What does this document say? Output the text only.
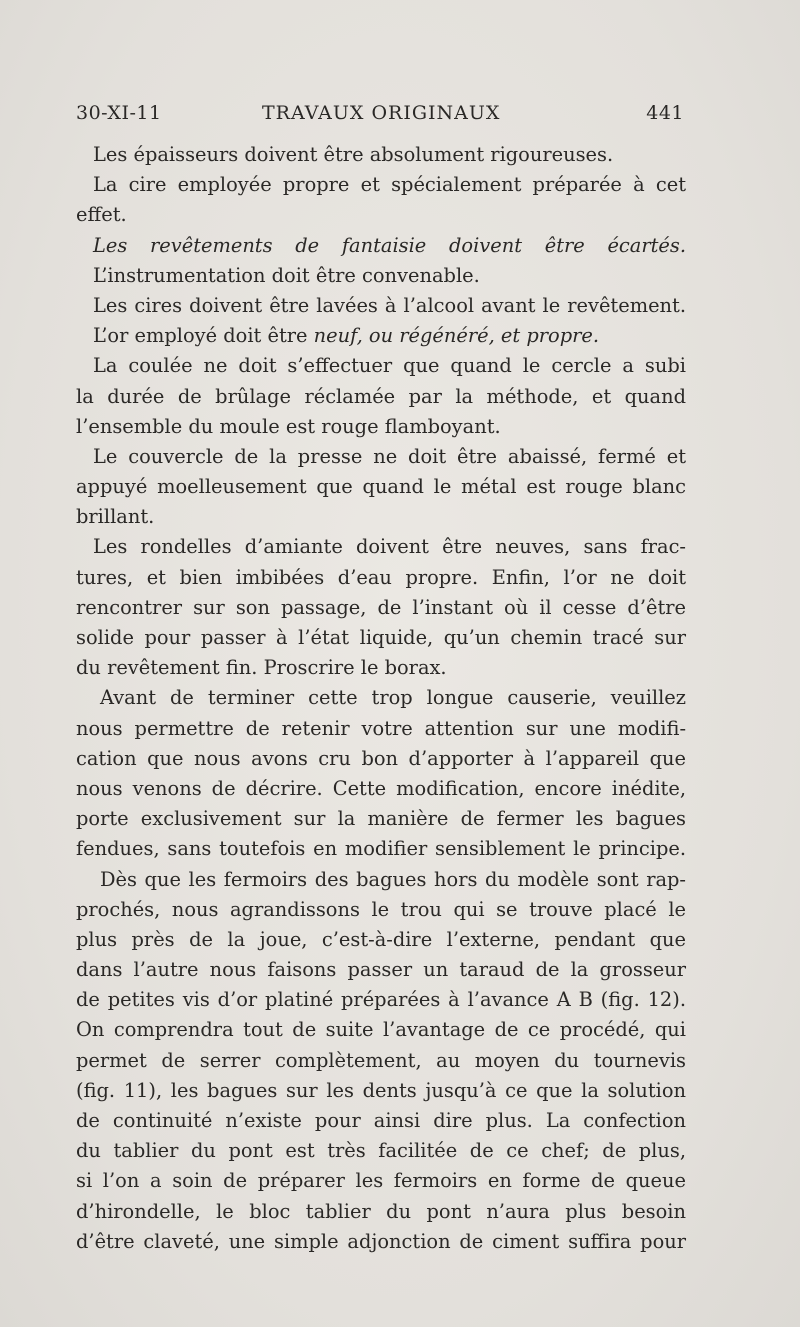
30-XI-11	TRAVAUX ORIGINAUX	441
Les épaisseurs doivent être absolument rigoureuses.
La cire employée propre et spécialement préparée à cet
effet.
Les revêtements de fantaisie doivent être écartés.
L’instrumentation doit être convenable.
Les cires doivent être lavées à l’alcool avant le revêtement.
L’or employé doit être neuf, ou régénéré, et propre.
La coulée ne doit s’effectuer que quand le cercle a subi
la durée de brûlage réclamée par la méthode, et quand
l’ensemble du moule est rouge flamboyant.
Le couvercle de la presse ne doit être abaissé, fermé et
appuyé moelleusement que quand le métal est rouge blanc
brillant.
Les rondelles d’amiante doivent être neuves, sans frac-
tures, et bien imbibées d’eau propre. Enfin, l’or ne doit
rencontrer sur son passage, de l’instant où il cesse d’être
solide pour passer à l’état liquide, qu’un chemin tracé sur
du revêtement fin. Proscrire le borax.
Avant de terminer cette trop longue causerie, veuillez
nous permettre de retenir votre attention sur une modifi-
cation que nous avons cru bon d’apporter à l’appareil que
nous venons de décrire. Cette modification, encore inédite,
porte exclusivement sur la manière de fermer les bagues
fendues, sans toutefois en modifier sensiblement le principe.
Dès que les fermoirs des bagues hors du modèle sont rap-
prochés, nous agrandissons le trou qui se trouve placé le
plus près de la joue, c’est-à-dire l’externe, pendant que
dans l’autre nous faisons passer un taraud de la grosseur
de petites vis d’or platiné préparées à l’avance A B (fig. 12).
On comprendra tout de suite l’avantage de ce procédé, qui
permet de serrer complètement, au moyen du tournevis
(fig. 11), les bagues sur les dents jusqu’à ce que la solution
de continuité n’existe pour ainsi dire plus. La confection
du tablier du pont est très facilitée de ce chef; de plus,
si l’on a soin de préparer les fermoirs en forme de queue
d’hirondelle, le bloc tablier du pont n’aura plus besoin
d’être claveté, une simple adjonction de ciment suffira pour
